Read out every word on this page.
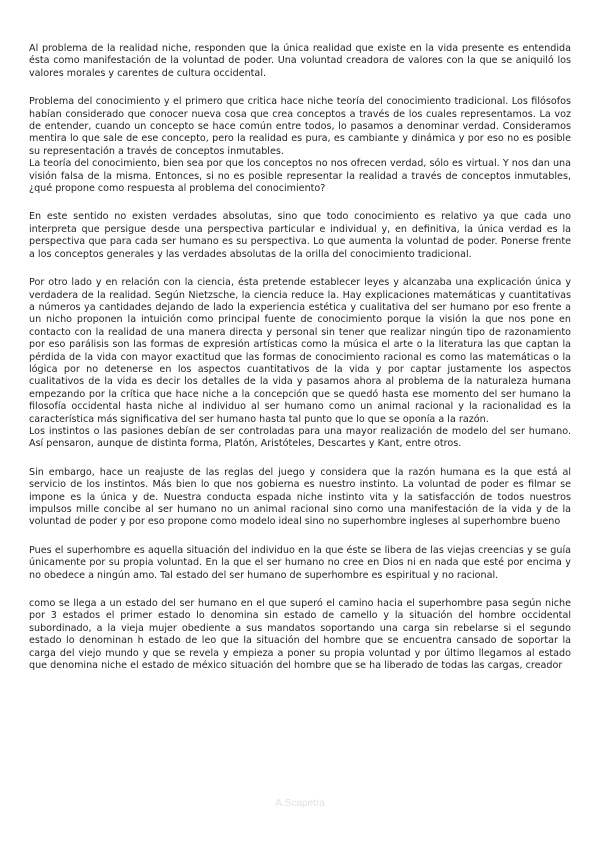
Al problema de la realidad niche, responden que la única realidad que existe en la vida presente es entendida ésta como manifestación de la voluntad de poder. Una voluntad creadora de valores con la que se aniquiló los valores morales y carentes de cultura occidental.

Problema del conocimiento y el primero que critica hace niche teoría del conocimiento tradicional. Los filósofos habían considerado que conocer nueva cosa que crea conceptos a través de los cuales representamos. La voz de entender, cuando un concepto se hace común entre todos, lo pasamos a denominar verdad. Consideramos mentira lo que sale de ese concepto, pero la realidad es pura, es cambiante y dinámica y por eso no es posible su representación a través de conceptos inmutables.

La teoría del conocimiento, bien sea por que los conceptos no nos ofrecen verdad, sólo es virtual. Y nos dan una visión falsa de la misma. Entonces, si no es posible representar la realidad a través de conceptos inmutables, ¿qué propone como respuesta al problema del conocimiento?

En este sentido no existen verdades absolutas, sino que todo conocimiento es relativo ya que cada uno interpreta que persigue desde una perspectiva particular e individual y, en definitiva, la única verdad es la perspectiva que para cada ser humano es su perspectiva. Lo que aumenta la voluntad de poder. Ponerse frente a los conceptos generales y las verdades absolutas de la orilla del conocimiento tradicional.

Por otro lado y en relación con la ciencia, ésta pretende establecer leyes y alcanzaba una explicación única y verdadera de la realidad. Según Nietzsche, la ciencia reduce la. Hay explicaciones matemáticas y cuantitativas a números ya cantidades dejando de lado la experiencia estética y cualitativa del ser humano por eso frente a un nicho proponen la intuición como principal fuente de conocimiento porque la visión la que nos pone en contacto con la realidad de una manera directa y personal sin tener que realizar ningún tipo de razonamiento por eso parálisis son las formas de expresión artísticas como la música el arte o la literatura las que captan la pérdida de la vida con mayor exactitud que las formas de conocimiento racional es como las matemáticas o la lógica por no detenerse en los aspectos cuantitativos de la vida y por captar justamente los aspectos cualitativos de la vida es decir los detalles de la vida y pasamos ahora al problema de la naturaleza humana empezando por la crítica que hace niche a la concepción que se quedó hasta ese momento del ser humano la filosofía occidental hasta niche al individuo al ser humano como un animal racional y la racionalidad es la característica más significativa del ser humano hasta tal punto que lo que se oponía a la razón.

Los instintos o las pasiones debían de ser controladas para una mayor realización de modelo del ser humano. Así pensaron, aunque de distinta forma, Platón, Aristóteles, Descartes y Kant, entre otros.

Sin embargo, hace un reajuste de las reglas del juego y considera que la razón humana es la que está al servicio de los instintos. Más bien lo que nos gobierna es nuestro instinto. La voluntad de poder es filmar se impone es la única y de. Nuestra conducta espada niche instinto vita y la satisfacción de todos nuestros impulsos mille concibe al ser humano no un animal racional sino como una manifestación de la vida y de la voluntad de poder y por eso propone como modelo ideal sino no superhombre ingleses al superhombre bueno

Pues el superhombre es aquella situación del individuo en la que éste se libera de las viejas creencias y se guía únicamente por su propia voluntad. En la que el ser humano no cree en Dios ni en nada que esté por encima y no obedece a ningún amo. Tal estado del ser humano de superhombre es espiritual y no racional.

como se llega a un estado del ser humano en el que superó el camino hacia el superhombre pasa según niche por 3 estados el primer estado lo denomina sin estado de camello y la situación del hombre occidental subordinado, a la vieja mujer obediente a sus mandatos soportando una carga sin rebelarse si el segundo estado lo denominan h estado de leo que la situación del hombre que se encuentra cansado de soportar la carga del viejo mundo y que se revela y empieza a poner su propia voluntad y por último llegamos al estado que denomina niche el estado de méxico situación del hombre que se ha liberado de todas las cargas, creador

A.Scapetra
